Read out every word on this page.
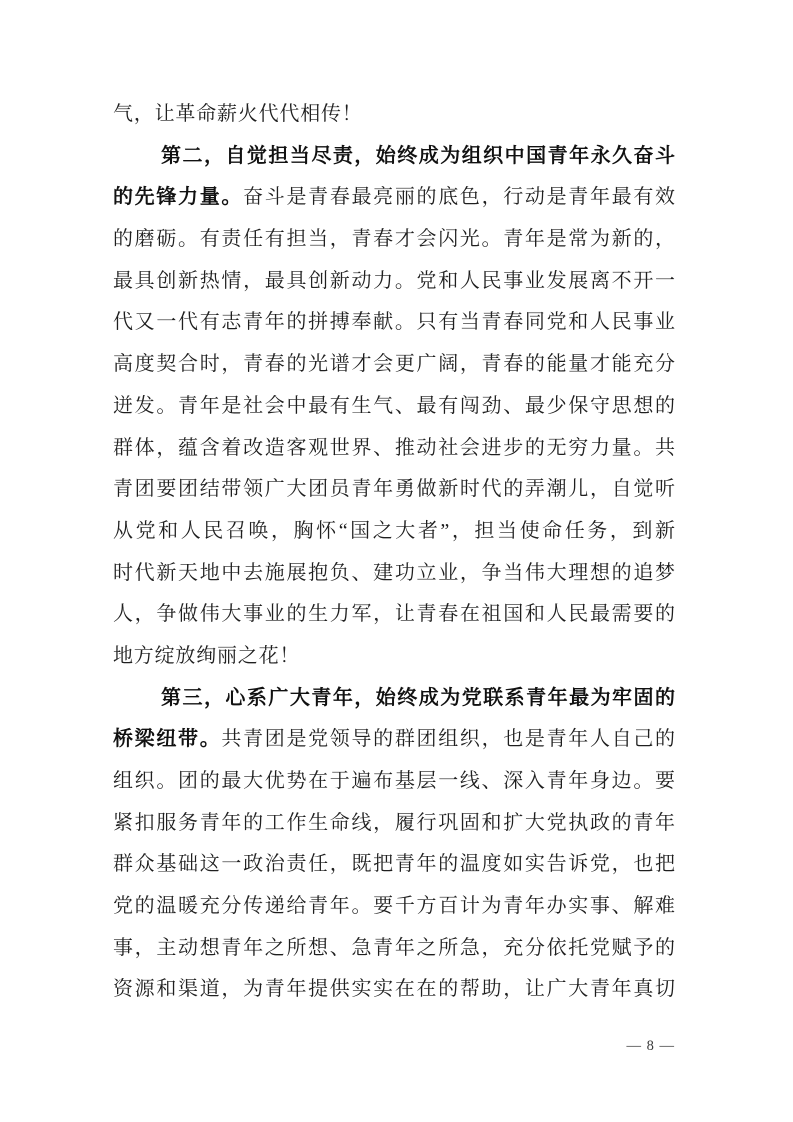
气，让革命薪火代代相传！
第二，自觉担当尽责，始终成为组织中国青年永久奋斗
的先锋力量。奋斗是青春最亮丽的底色，行动是青年最有效
的磨砺。有责任有担当，青春才会闪光。青年是常为新的，
最具创新热情，最具创新动力。党和人民事业发展离不开一
代又一代有志青年的拼搏奉献。只有当青春同党和人民事业
高度契合时，青春的光谱才会更广阔，青春的能量才能充分
迸发。青年是社会中最有生气、最有闯劲、最少保守思想的
群体，蕴含着改造客观世界、推动社会进步的无穷力量。共
青团要团结带领广大团员青年勇做新时代的弄潮儿，自觉听
从党和人民召唤，胸怀“国之大者”，担当使命任务，到新
时代新天地中去施展抱负、建功立业，争当伟大理想的追梦
人，争做伟大事业的生力军，让青春在祖国和人民最需要的
地方绽放绚丽之花！
第三，心系广大青年，始终成为党联系青年最为牢固的
桥梁纽带。共青团是党领导的群团组织，也是青年人自己的
组织。团的最大优势在于遍布基层一线、深入青年身边。要
紧扣服务青年的工作生命线，履行巩固和扩大党执政的青年
群众基础这一政治责任，既把青年的温度如实告诉党，也把
党的温暖充分传递给青年。要千方百计为青年办实事、解难
事，主动想青年之所想、急青年之所急，充分依托党赋予的
资源和渠道，为青年提供实实在在的帮助，让广大青年真切
— 8 —
